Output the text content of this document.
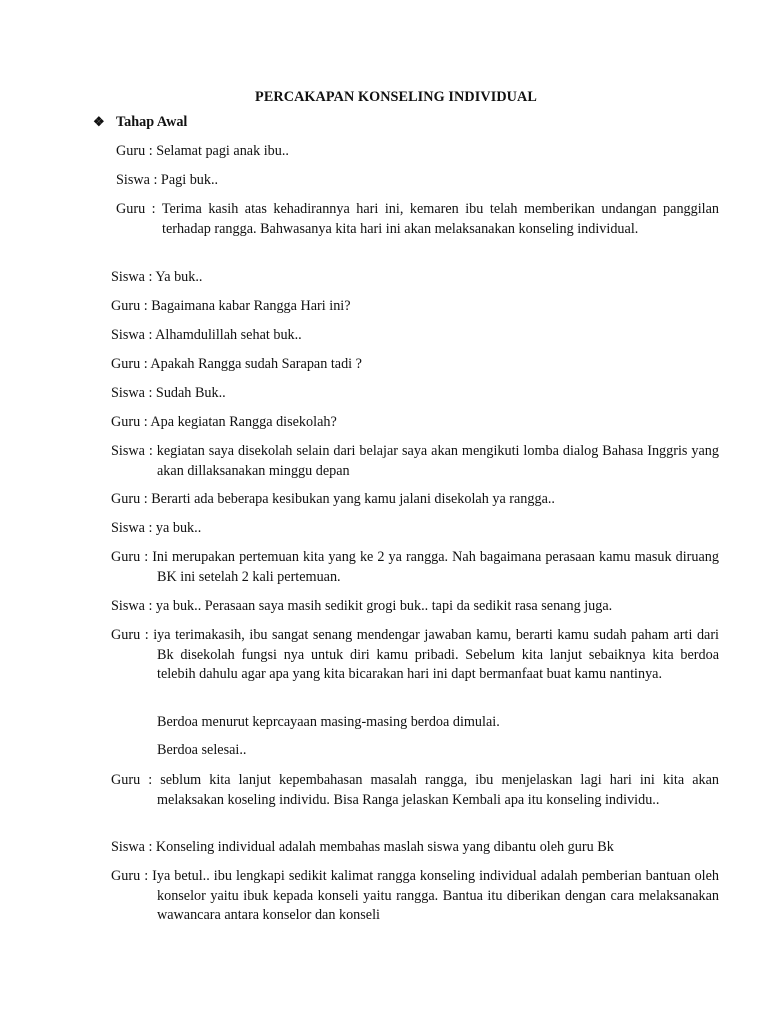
PERCAKAPAN KONSELING INDIVIDUAL
❖ Tahap Awal
Guru : Selamat pagi anak ibu..
Siswa : Pagi buk..
Guru : Terima kasih atas kehadirannya hari ini, kemaren ibu telah memberikan undangan panggilan terhadap rangga. Bahwasanya kita hari ini akan melaksanakan konseling individual.
Siswa : Ya buk..
Guru : Bagaimana kabar Rangga Hari ini?
Siswa : Alhamdulillah sehat buk..
Guru : Apakah Rangga sudah Sarapan tadi ?
Siswa : Sudah Buk..
Guru : Apa kegiatan Rangga disekolah?
Siswa : kegiatan saya disekolah selain dari belajar saya akan mengikuti lomba dialog Bahasa Inggris yang akan dillaksanakan minggu depan
Guru : Berarti ada beberapa kesibukan yang kamu jalani disekolah ya rangga..
Siswa : ya buk..
Guru : Ini merupakan pertemuan kita yang ke 2 ya rangga. Nah bagaimana perasaan kamu masuk diruang BK ini setelah 2 kali pertemuan.
Siswa : ya buk.. Perasaan saya masih sedikit grogi buk.. tapi da sedikit rasa senang juga.
Guru : iya terimakasih, ibu sangat senang mendengar jawaban kamu, berarti kamu sudah paham arti dari Bk disekolah fungsi nya untuk diri kamu pribadi. Sebelum kita lanjut sebaiknya kita berdoa telebih dahulu agar apa yang kita bicarakan hari ini dapt bermanfaat buat kamu nantinya.
Berdoa menurut keprcayaan masing-masing berdoa dimulai.
Berdoa selesai..
Guru : seblum kita lanjut kepembahasan masalah rangga, ibu menjelaskan lagi hari ini kita akan melaksakan koseling individu. Bisa Ranga jelaskan Kembali apa itu konseling individu..
Siswa : Konseling individual adalah membahas maslah siswa yang dibantu oleh guru Bk
Guru : Iya betul.. ibu lengkapi sedikit kalimat rangga konseling individual adalah pemberian bantuan oleh konselor yaitu ibuk kepada konseli yaitu rangga. Bantua itu diberikan dengan cara melaksanakan wawancara antara konselor dan konseli
